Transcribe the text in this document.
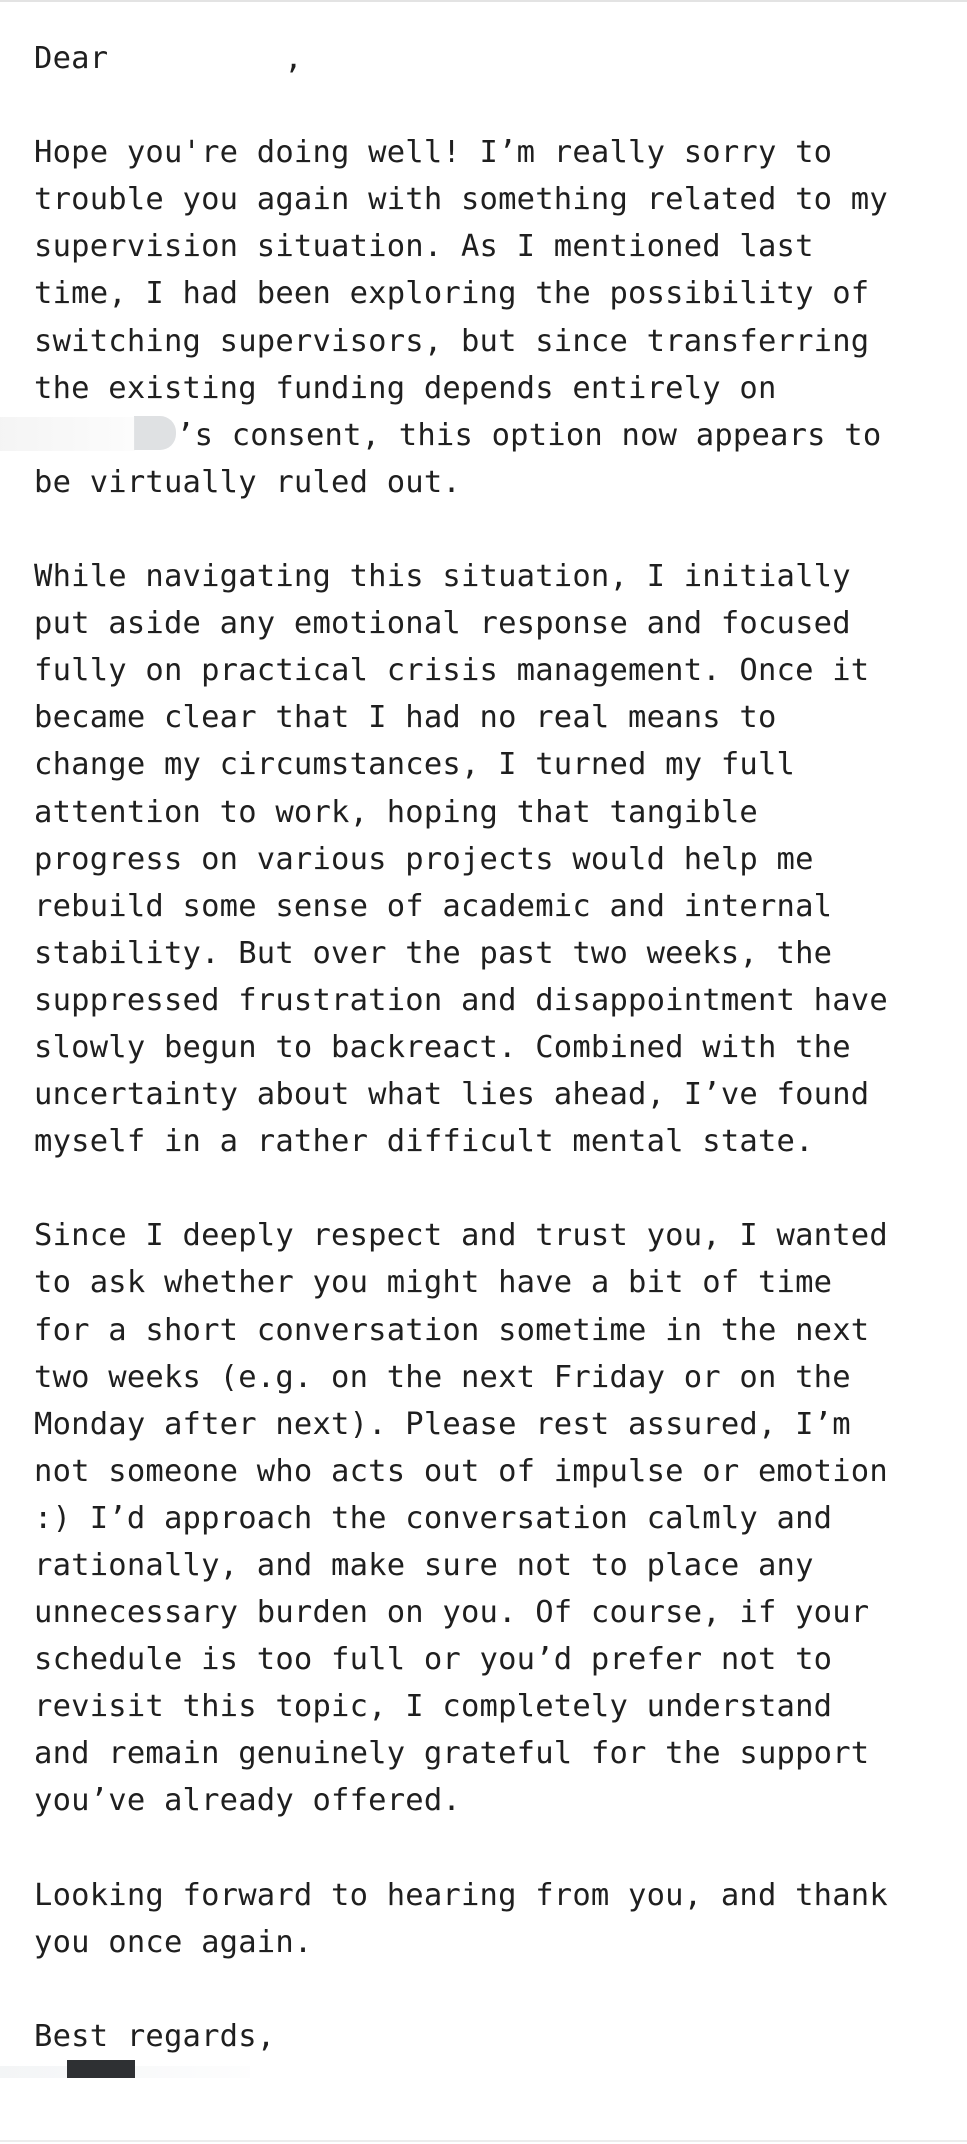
Dear	,
Hope you're doing well! I’m really sorry to
trouble you again with something related to my
supervision situation. As I mentioned last
time, I had been exploring the possibility of
switching supervisors, but since transferring
the existing funding depends entirely on
’s consent, this option now appears to
be virtually ruled out.
While navigating this situation, I initially
put aside any emotional response and focused
fully on practical crisis management. Once it
became clear that I had no real means to
change my circumstances, I turned my full
attention to work, hoping that tangible
progress on various projects would help me
rebuild some sense of academic and internal
stability. But over the past two weeks, the
suppressed frustration and disappointment have
slowly begun to backreact. Combined with the
uncertainty about what lies ahead, I’ve found
myself in a rather difficult mental state.
Since I deeply respect and trust you, I wanted
to ask whether you might have a bit of time
for a short conversation sometime in the next
two weeks (e.g. on the next Friday or on the
Monday after next). Please rest assured, I’m
not someone who acts out of impulse or emotion
:) I’d approach the conversation calmly and
rationally, and make sure not to place any
unnecessary burden on you. Of course, if your
schedule is too full or you’d prefer not to
revisit this topic, I completely understand
and remain genuinely grateful for the support
you’ve already offered.
Looking forward to hearing from you, and thank
you once again.
Best regards,
